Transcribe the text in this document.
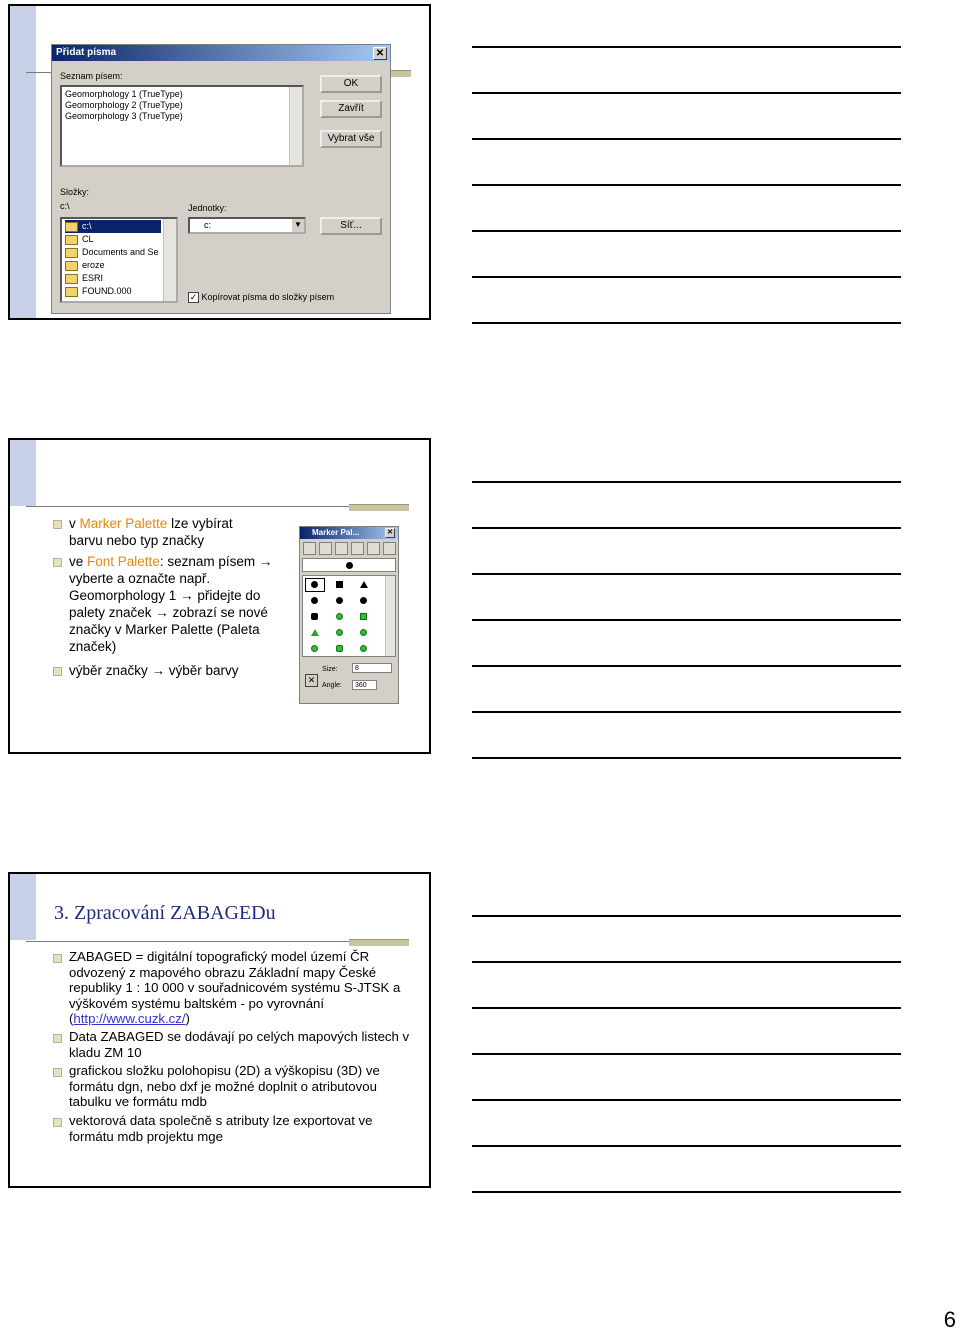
Přidat písma	✕
Seznam písem:
Geomorphology 1 (TrueType)
Geomorphology 2 (TrueType)
Geomorphology 3 (TrueType)
OK
Zavřít
Vybrat vše
Složky:
c:\
c:\
CL
Documents and Se
eroze
ESRI
FOUND.000
Jednotky:
c:	▼	Síť...
✓ Kopírovat písma do složky písem
v Marker Palette lze vybírat barvu nebo typ značky
ve Font Palette: seznam písem → vyberte a označte např. Geomorphology 1 → přidejte do palety značek → zobrazí se nové značky v Marker Palette (Paleta značek)
výběr značky → výběr barvy
Marker Pal...	✕
✕
Size:	8
Angle:	360
3. Zpracování ZABAGEDu
ZABAGED = digitální topografický model území ČR odvozený z mapového obrazu Základní mapy České republiky 1 : 10 000 v souřadnicovém systému S-JTSK a výškovém systému baltském - po vyrovnání (http://www.cuzk.cz/)
Data ZABAGED se dodávají po celých mapových listech v kladu ZM 10
grafickou složku polohopisu (2D) a výškopisu (3D) ve formátu dgn, nebo dxf je možné doplnit o atributovou tabulku ve formátu mdb
vektorová data společně s atributy lze exportovat ve formátu mdb projektu mge
6
